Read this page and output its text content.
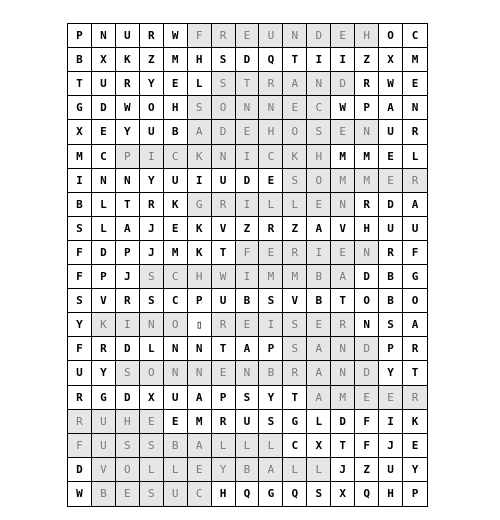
P	N	U	R	W	F	R	E	U	N	D	E	H	O	C
B	X	K	Z	M	H	S	D	Q	T	I	I	Z	X	M
T	U	R	Y	E	L	S	T	R	A	N	D	R	W	E
G	D	W	O	H	S	O	N	N	E	C	W	P	A	N
X	E	Y	U	B	A	D	E	H	O	S	E	N	U	R
M	C	P	I	C	K	N	I	C	K	H	M	M	E	L
I	N	N	Y	U	I	U	D	E	S	O	M	M	E	R
B	L	T	R	K	G	R	I	L	L	E	N	R	D	A
S	L	A	J	E	K	V	Z	R	Z	A	V	H	U	U
F	D	P	J	M	K	T	F	E	R	I	E	N	R	F
F	P	J	S	C	H	W	I	M	M	B	A	D	B	G
S	V	R	S	C	P	U	B	S	V	B	T	O	B	O
Y	K	I	N	O	▯	R	E	I	S	E	R	N	S	A
F	R	D	L	N	N	T	A	P	S	A	N	D	P	R
U	Y	S	O	N	N	E	N	B	R	A	N	D	Y	T
R	G	D	X	U	A	P	S	Y	T	A	M	E	E	R
R	U	H	E	E	M	R	U	S	G	L	D	F	I	K
F	U	S	S	B	A	L	L	L	C	X	T	F	J	E
D	V	O	L	L	E	Y	B	A	L	L	J	Z	U	Y
W	B	E	S	U	C	H	Q	G	Q	S	X	Q	H	P
